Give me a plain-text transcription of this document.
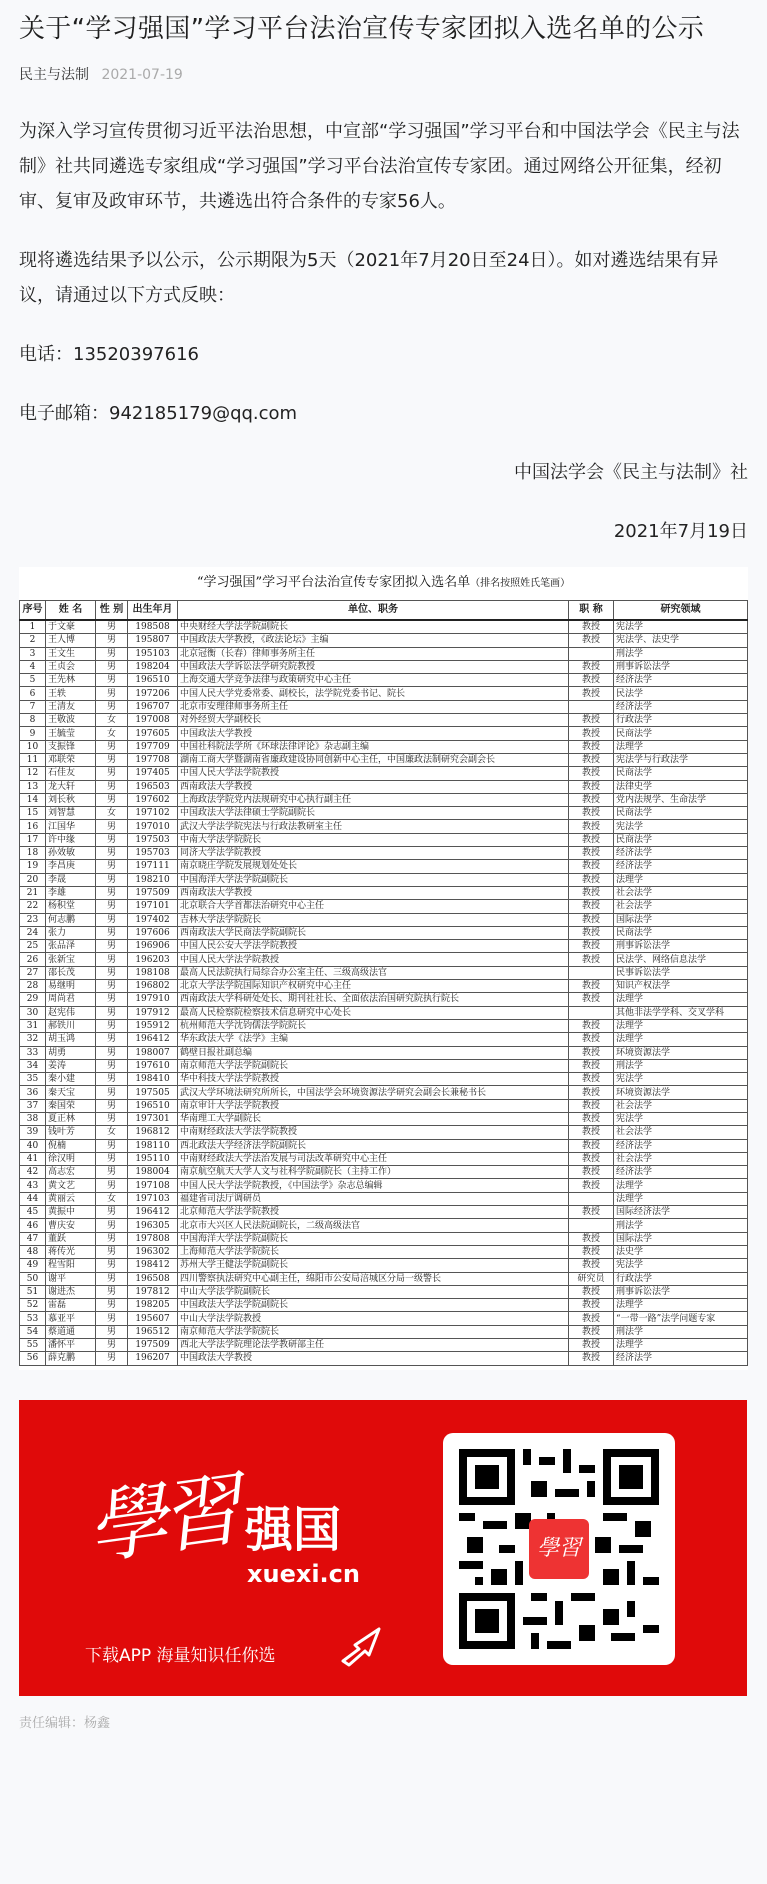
关于“学习强国”学习平台法治宣传专家团拟入选名单的公示
民主与法制 2021-07-19

为深入学习宣传贯彻习近平法治思想，中宣部“学习强国”学习平台和中国法学会《民主与法制》社共同遴选专家组成“学习强国”学习平台法治宣传专家团。通过网络公开征集，经初审、复审及政审环节，共遴选出符合条件的专家56人。

现将遴选结果予以公示，公示期限为5天（2021年7月20日至24日）。如对遴选结果有异议，请通过以下方式反映：

电话：13520397616

电子邮箱：942185179@qq.com

中国法学会《民主与法制》社

2021年7月19日

“学习强国”学习平台法治宣传专家团拟入选名单（排名按照姓氏笔画）
序号	姓 名	性 别	出生年月	单位、职务	职 称	研究领域
1	于文豪	男	198508	中央财经大学法学院副院长	教授	宪法学
2	王人博	男	195807	中国政法大学教授，《政法论坛》主编	教授	宪法学、法史学
3	王文生	男	195103	北京冠衡（长春）律师事务所主任		刑法学
4	王贞会	男	198204	中国政法大学诉讼法学研究院教授	教授	刑事诉讼法学
5	王先林	男	196510	上海交通大学竞争法律与政策研究中心主任	教授	经济法学
6	王轶	男	197206	中国人民大学党委常委、副校长，法学院党委书记、院长	教授	民法学
7	王清友	男	196707	北京市安理律师事务所主任		经济法学
8	王敬波	女	197008	对外经贸大学副校长	教授	行政法学
9	王毓莹	女	197605	中国政法大学教授	教授	民商法学
10	支振锋	男	197709	中国社科院法学所《环球法律评论》杂志副主编	教授	法理学
11	邓联荣	男	197708	湖南工商大学暨湖南省廉政建设协同创新中心主任，中国廉政法制研究会副会长	教授	宪法学与行政法学
12	石佳友	男	197405	中国人民大学法学院教授	教授	民商法学
13	龙大轩	男	196503	西南政法大学教授	教授	法律史学
14	刘长秋	男	197602	上海政法学院党内法规研究中心执行副主任	教授	党内法规学、生命法学
15	刘智慧	女	197102	中国政法大学法律硕士学院副院长	教授	民商法学
16	江国华	男	197010	武汉大学法学院宪法与行政法教研室主任	教授	宪法学
17	许中缘	男	197503	中南大学法学院院长	教授	民商法学
18	孙效敏	男	195703	同济大学法学院教授	教授	经济法学
19	李昌庚	男	197111	南京晓庄学院发展规划处处长	教授	经济法学
20	李晟	男	198210	中国海洋大学法学院副院长	教授	法理学
21	李雄	男	197509	西南政法大学教授	教授	社会法学
22	杨积堂	男	197101	北京联合大学首都法治研究中心主任	教授	社会法学
23	何志鹏	男	197402	吉林大学法学院院长	教授	国际法学
24	张力	男	197606	西南政法大学民商法学院副院长	教授	民商法学
25	张品泽	男	196906	中国人民公安大学法学院教授	教授	刑事诉讼法学
26	张新宝	男	196203	中国人民大学法学院教授	教授	民法学、网络信息法学
27	邵长茂	男	198108	最高人民法院执行局综合办公室主任、三级高级法官		民事诉讼法学
28	易继明	男	196802	北京大学法学院国际知识产权研究中心主任	教授	知识产权法学
29	周尚君	男	197910	西南政法大学科研处处长、期刊社社长、全面依法治国研究院执行院长	教授	法理学
30	赵宪伟	男	197912	最高人民检察院检察技术信息研究中心处长		其他非法学学科、交叉学科
31	郝铁川	男	195912	杭州师范大学沈钧儒法学院院长	教授	法理学
32	胡玉鸿	男	196412	华东政法大学《法学》主编	教授	法理学
33	胡勇	男	198007	鹤壁日报社副总编	教授	环境资源法学
34	姜涛	男	197610	南京师范大学法学院副院长	教授	刑法学
35	秦小建	男	198410	华中科技大学法学院教授	教授	宪法学
36	秦天宝	男	197505	武汉大学环境法研究所所长，中国法学会环境资源法学研究会副会长兼秘书长	教授	环境资源法学
37	秦国荣	男	196510	南京审计大学法学院教授	教授	社会法学
38	夏正林	男	197301	华南理工大学副院长	教授	宪法学
39	钱叶芳	女	196812	中南财经政法大学法学院教授	教授	社会法学
40	倪楠	男	198110	西北政法大学经济法学院副院长	教授	经济法学
41	徐汉明	男	195110	中南财经政法大学法治发展与司法改革研究中心主任	教授	社会法学
42	高志宏	男	198004	南京航空航天大学人文与社科学院副院长（主持工作）	教授	经济法学
43	黄文艺	男	197108	中国人民大学法学院教授，《中国法学》杂志总编辑	教授	法理学
44	黄丽云	女	197103	福建省司法厅调研员		法理学
45	黄振中	男	196412	北京师范大学法学院教授	教授	国际经济法学
46	曹庆安	男	196305	北京市大兴区人民法院副院长，二级高级法官		刑法学
47	董跃	男	197808	中国海洋大学法学院副院长	教授	国际法学
48	蒋传光	男	196302	上海师范大学法学院院长	教授	法史学
49	程雪阳	男	198412	苏州大学王健法学院副院长	教授	宪法学
50	谢平	男	196508	四川警察执法研究中心副主任，绵阳市公安局涪城区分局一级警长	研究员	行政法学
51	谢进杰	男	197812	中山大学法学院副院长	教授	刑事诉讼法学
52	雷磊	男	198205	中国政法大学法学院副院长	教授	法理学
53	慕亚平	男	195607	中山大学法学院教授	教授	“一带一路”法学问题专家
54	蔡道通	男	196512	南京师范大学法学院院长	教授	刑法学
55	潘怀平	男	197509	西北大学法学院理论法学教研部主任	教授	法理学
56	薛克鹏	男	196207	中国政法大学教授	教授	经济法学
學習 强国
xuexi.cn
下载APP 海量知识任你选
學習
责任编辑：杨鑫
